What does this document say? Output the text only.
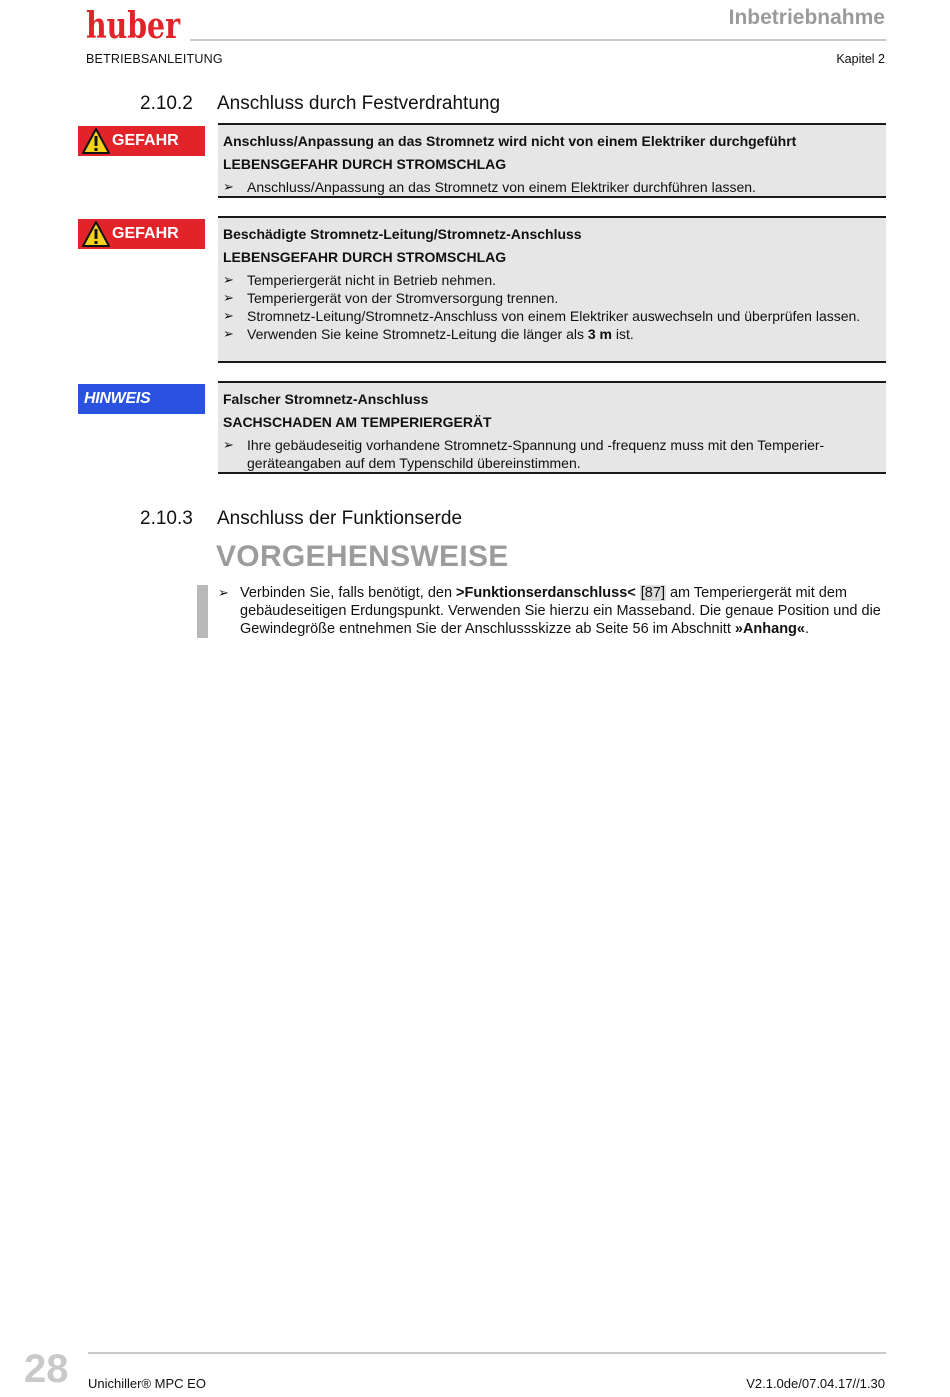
huber	Inbetriebnahme
BETRIEBSANLEITUNG	Kapitel 2
2.10.2 Anschluss durch Festverdrahtung
GEFAHR	Anschluss/Anpassung an das Stromnetz wird nicht von einem Elektriker durchgeführt
LEBENSGEFAHR DURCH STROMSCHLAG
➢ Anschluss/Anpassung an das Stromnetz von einem Elektriker durchführen lassen.
GEFAHR	Beschädigte Stromnetz-Leitung/Stromnetz-Anschluss
LEBENSGEFAHR DURCH STROMSCHLAG
➢ Temperiergerät nicht in Betrieb nehmen.
➢ Temperiergerät von der Stromversorgung trennen.
➢ Stromnetz-Leitung/Stromnetz-Anschluss von einem Elektriker auswechseln und überprüfen lassen.
➢ Verwenden Sie keine Stromnetz-Leitung die länger als 3 m ist.
HINWEIS	Falscher Stromnetz-Anschluss
SACHSCHADEN AM TEMPERIERGERÄT
➢ Ihre gebäudeseitig vorhandene Stromnetz-Spannung und -frequenz muss mit den Temperier-geräteangaben auf dem Typenschild übereinstimmen.
2.10.3 Anschluss der Funktionserde
VORGEHENSWEISE
➢ Verbinden Sie, falls benötigt, den >Funktionserdanschluss< [87] am Temperiergerät mit dem gebäudeseitigen Erdungspunkt. Verwenden Sie hierzu ein Masseband. Die genaue Position und die Gewindegröße entnehmen Sie der Anschlussskizze ab Seite 56 im Abschnitt »Anhang«.
28 Unichiller® MPC EO	V2.1.0de/07.04.17//1.30
